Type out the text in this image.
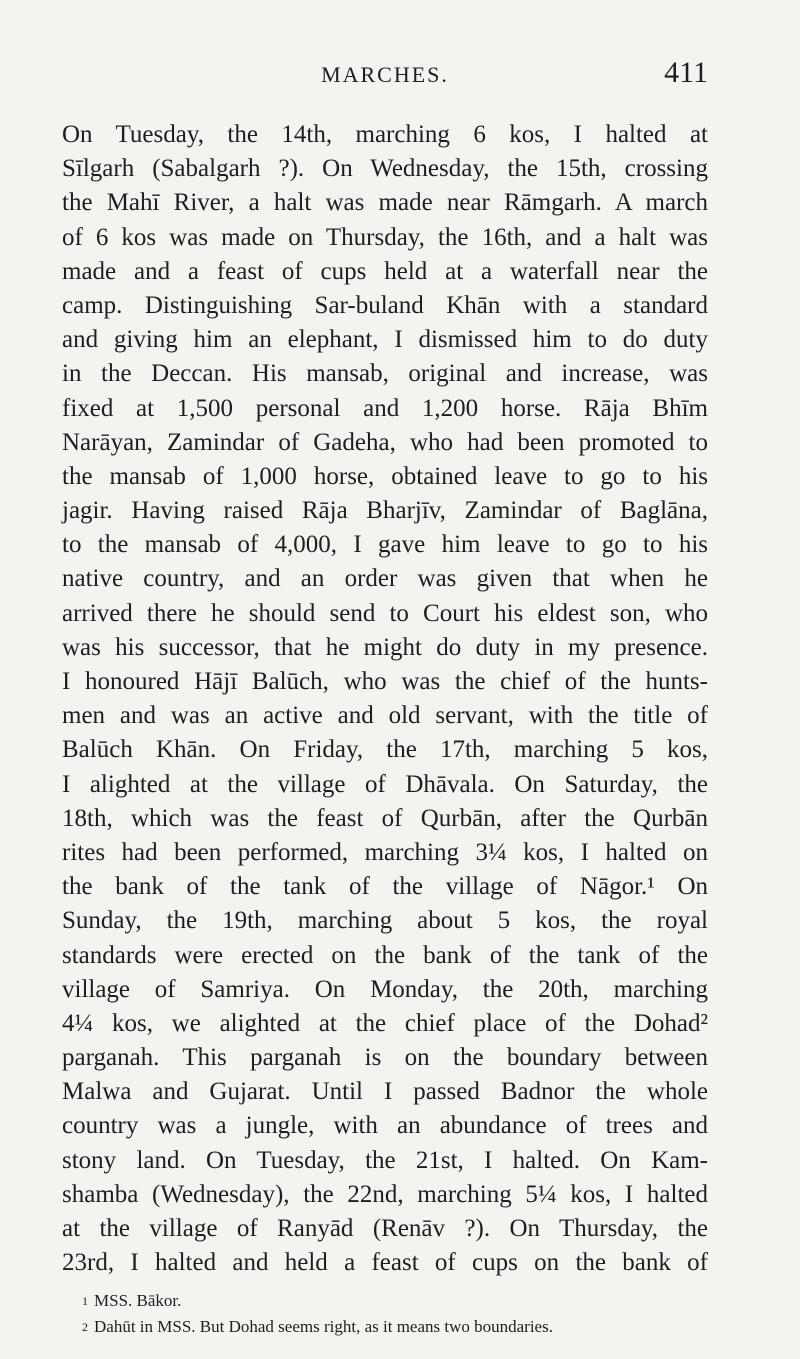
MARCHES.	411
On Tuesday, the 14th, marching 6 kos, I halted at
Sīlgarh (Sabalgarh ?). On Wednesday, the 15th, crossing
the Mahī River, a halt was made near Rāmgarh. A march
of 6 kos was made on Thursday, the 16th, and a halt was
made and a feast of cups held at a waterfall near the
camp. Distinguishing Sar-buland Khān with a standard
and giving him an elephant, I dismissed him to do duty
in the Deccan. His mansab, original and increase, was
fixed at 1,500 personal and 1,200 horse. Rāja Bhīm
Narāyan, Zamindar of Gadeha, who had been promoted to
the mansab of 1,000 horse, obtained leave to go to his
jagir. Having raised Rāja Bharjīv, Zamindar of Baglāna,
to the mansab of 4,000, I gave him leave to go to his
native country, and an order was given that when he
arrived there he should send to Court his eldest son, who
was his successor, that he might do duty in my presence.
I honoured Hājī Balūch, who was the chief of the hunts-
men and was an active and old servant, with the title of
Balūch Khān. On Friday, the 17th, marching 5 kos,
I alighted at the village of Dhāvala. On Saturday, the
18th, which was the feast of Qurbān, after the Qurbān
rites had been performed, marching 3¼ kos, I halted on
the bank of the tank of the village of Nāgor.¹ On
Sunday, the 19th, marching about 5 kos, the royal
standards were erected on the bank of the tank of the
village of Samriya. On Monday, the 20th, marching
4¼ kos, we alighted at the chief place of the Dohad²
parganah. This parganah is on the boundary between
Malwa and Gujarat. Until I passed Badnor the whole
country was a jungle, with an abundance of trees and
stony land. On Tuesday, the 21st, I halted. On Kam-
shamba (Wednesday), the 22nd, marching 5¼ kos, I halted
at the village of Ranyād (Renāv ?). On Thursday, the
23rd, I halted and held a feast of cups on the bank of
$^1$ MSS. Bākor.
$^2$ Dahūt in MSS. But Dohad seems right, as it means two boundaries.
